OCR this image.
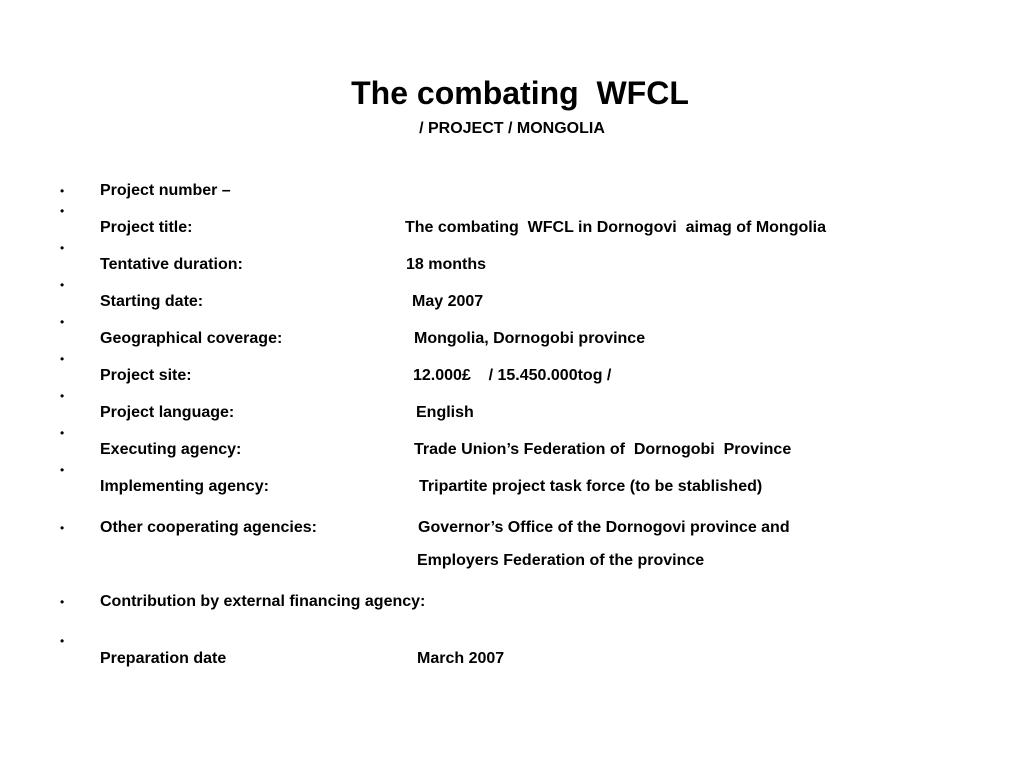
The combating  WFCL
/ PROJECT / MONGOLIA
• Project number –
•
Project title:	The combating  WFCL in Dornogovi  aimag of Mongolia
•
Tentative duration:	18 months
•
Starting date:	May 2007
•
Geographical coverage:	Mongolia, Dornogobi province
•
Project site:	12.000£    / 15.450.000tog /
•
Project language:	English
•
Executing agency:	Trade Union’s Federation of  Dornogobi  Province
•
Implementing agency:	Tripartite project task force (to be stablished)
• Other cooperating agencies:	Governor’s Office of the Dornogovi province and
Employers Federation of the province
• Contribution by external financing agency:
•
Preparation date	March 2007
